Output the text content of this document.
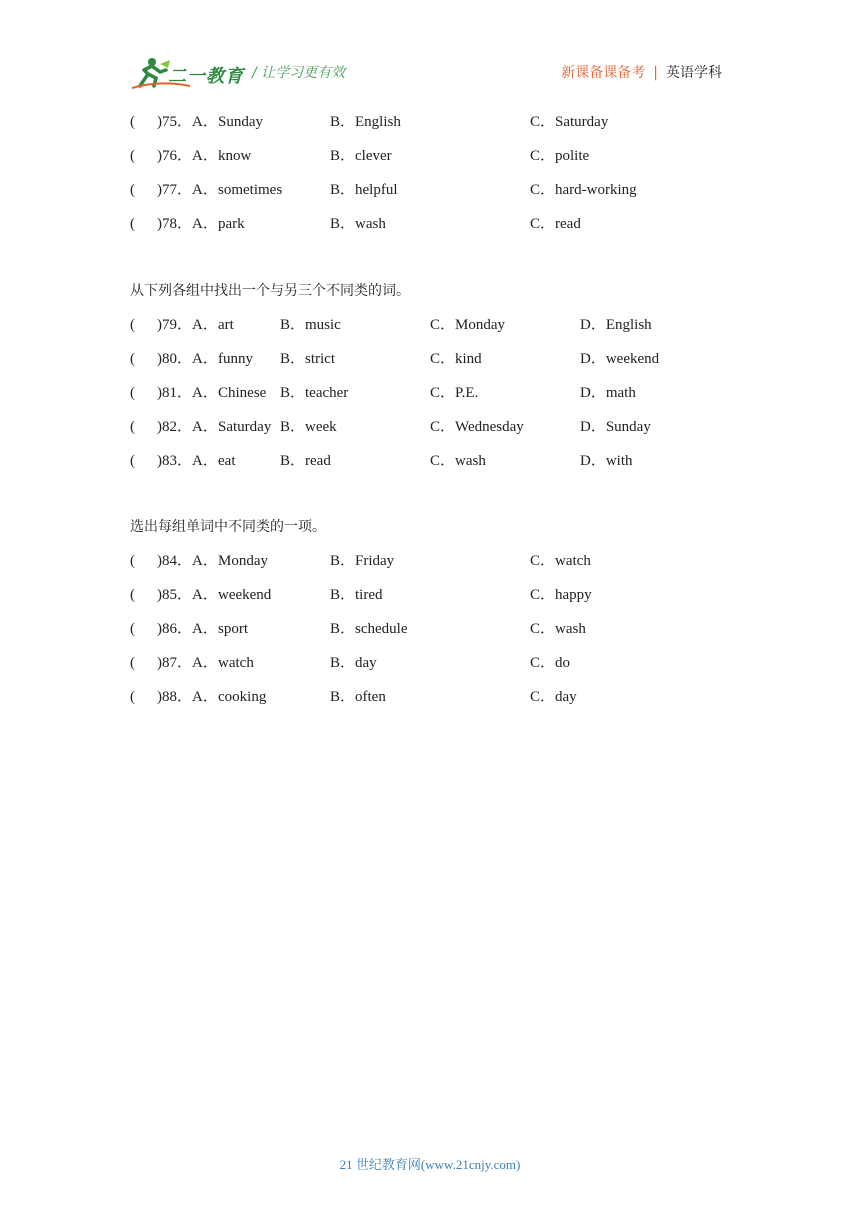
二一教育 / 让学习更有效	新课备课备考 | 英语学科
( )75．A． Sunday	B．English	C．Saturday
( )76．A． know	B．clever	C．polite
( )77．A． sometimes	B．helpful	C．hard-working
( )78．A． park	B．wash	C．read
从下列各组中找出一个与另三个不同类的词。
( )79．A． art	B．music	C．Monday	D．English
( )80．A． funny B．strict	C．kind	D．weekend
( )81．A． Chinese B．teacher	C．P.E.	D．math
( )82．A． Saturday B．week	C．Wednesday	D．Sunday
( )83．A． eat	B．read	C．wash	D．with
选出每组单词中不同类的一项。
( )84．A． Monday	B．Friday	C．watch
( )85．A． weekend	B．tired	C．happy
( )86．A． sport	B．schedule	C．wash
( )87．A． watch	B．day	C．do
( )88．A． cooking	B．often	C．day
21 世纪教育网(www.21cnjy.com)
